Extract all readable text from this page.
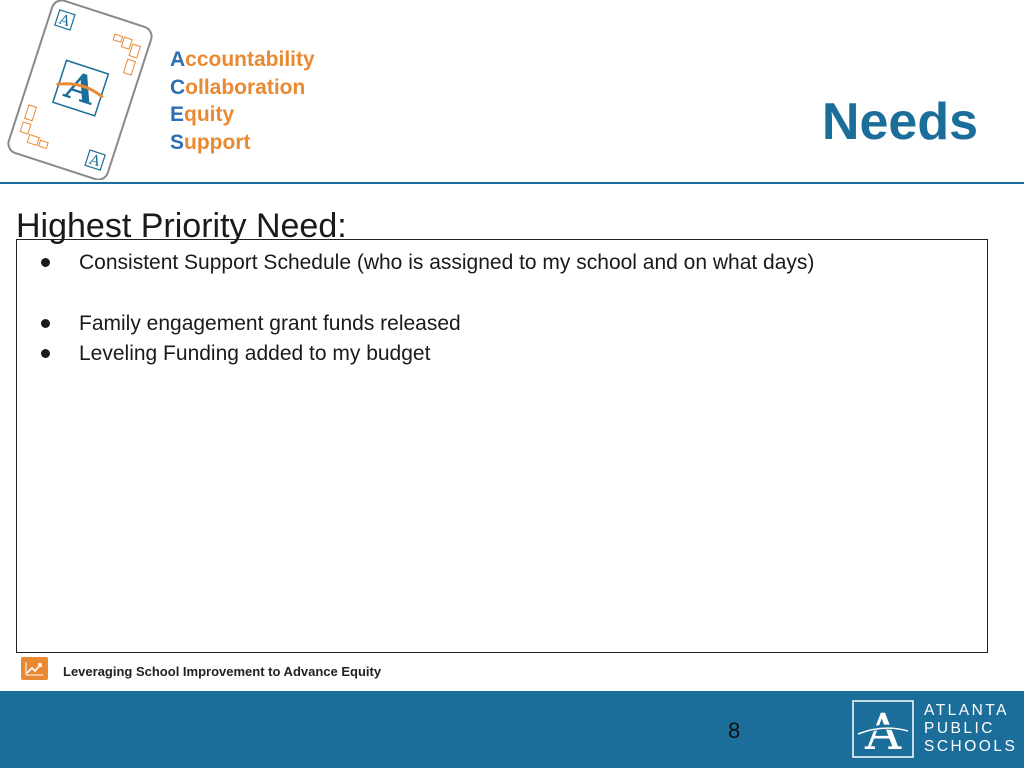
A
A
A
Accountability
Collaboration
Equity
Support	Needs
Highest Priority Need:
Consistent Support Schedule (who is assigned to my school and on what days)
Family engagement grant funds released
Leveling Funding added to my budget
Leveraging School Improvement to Advance Equity
8 A ATLANTA
PUBLIC
SCHOOLS
